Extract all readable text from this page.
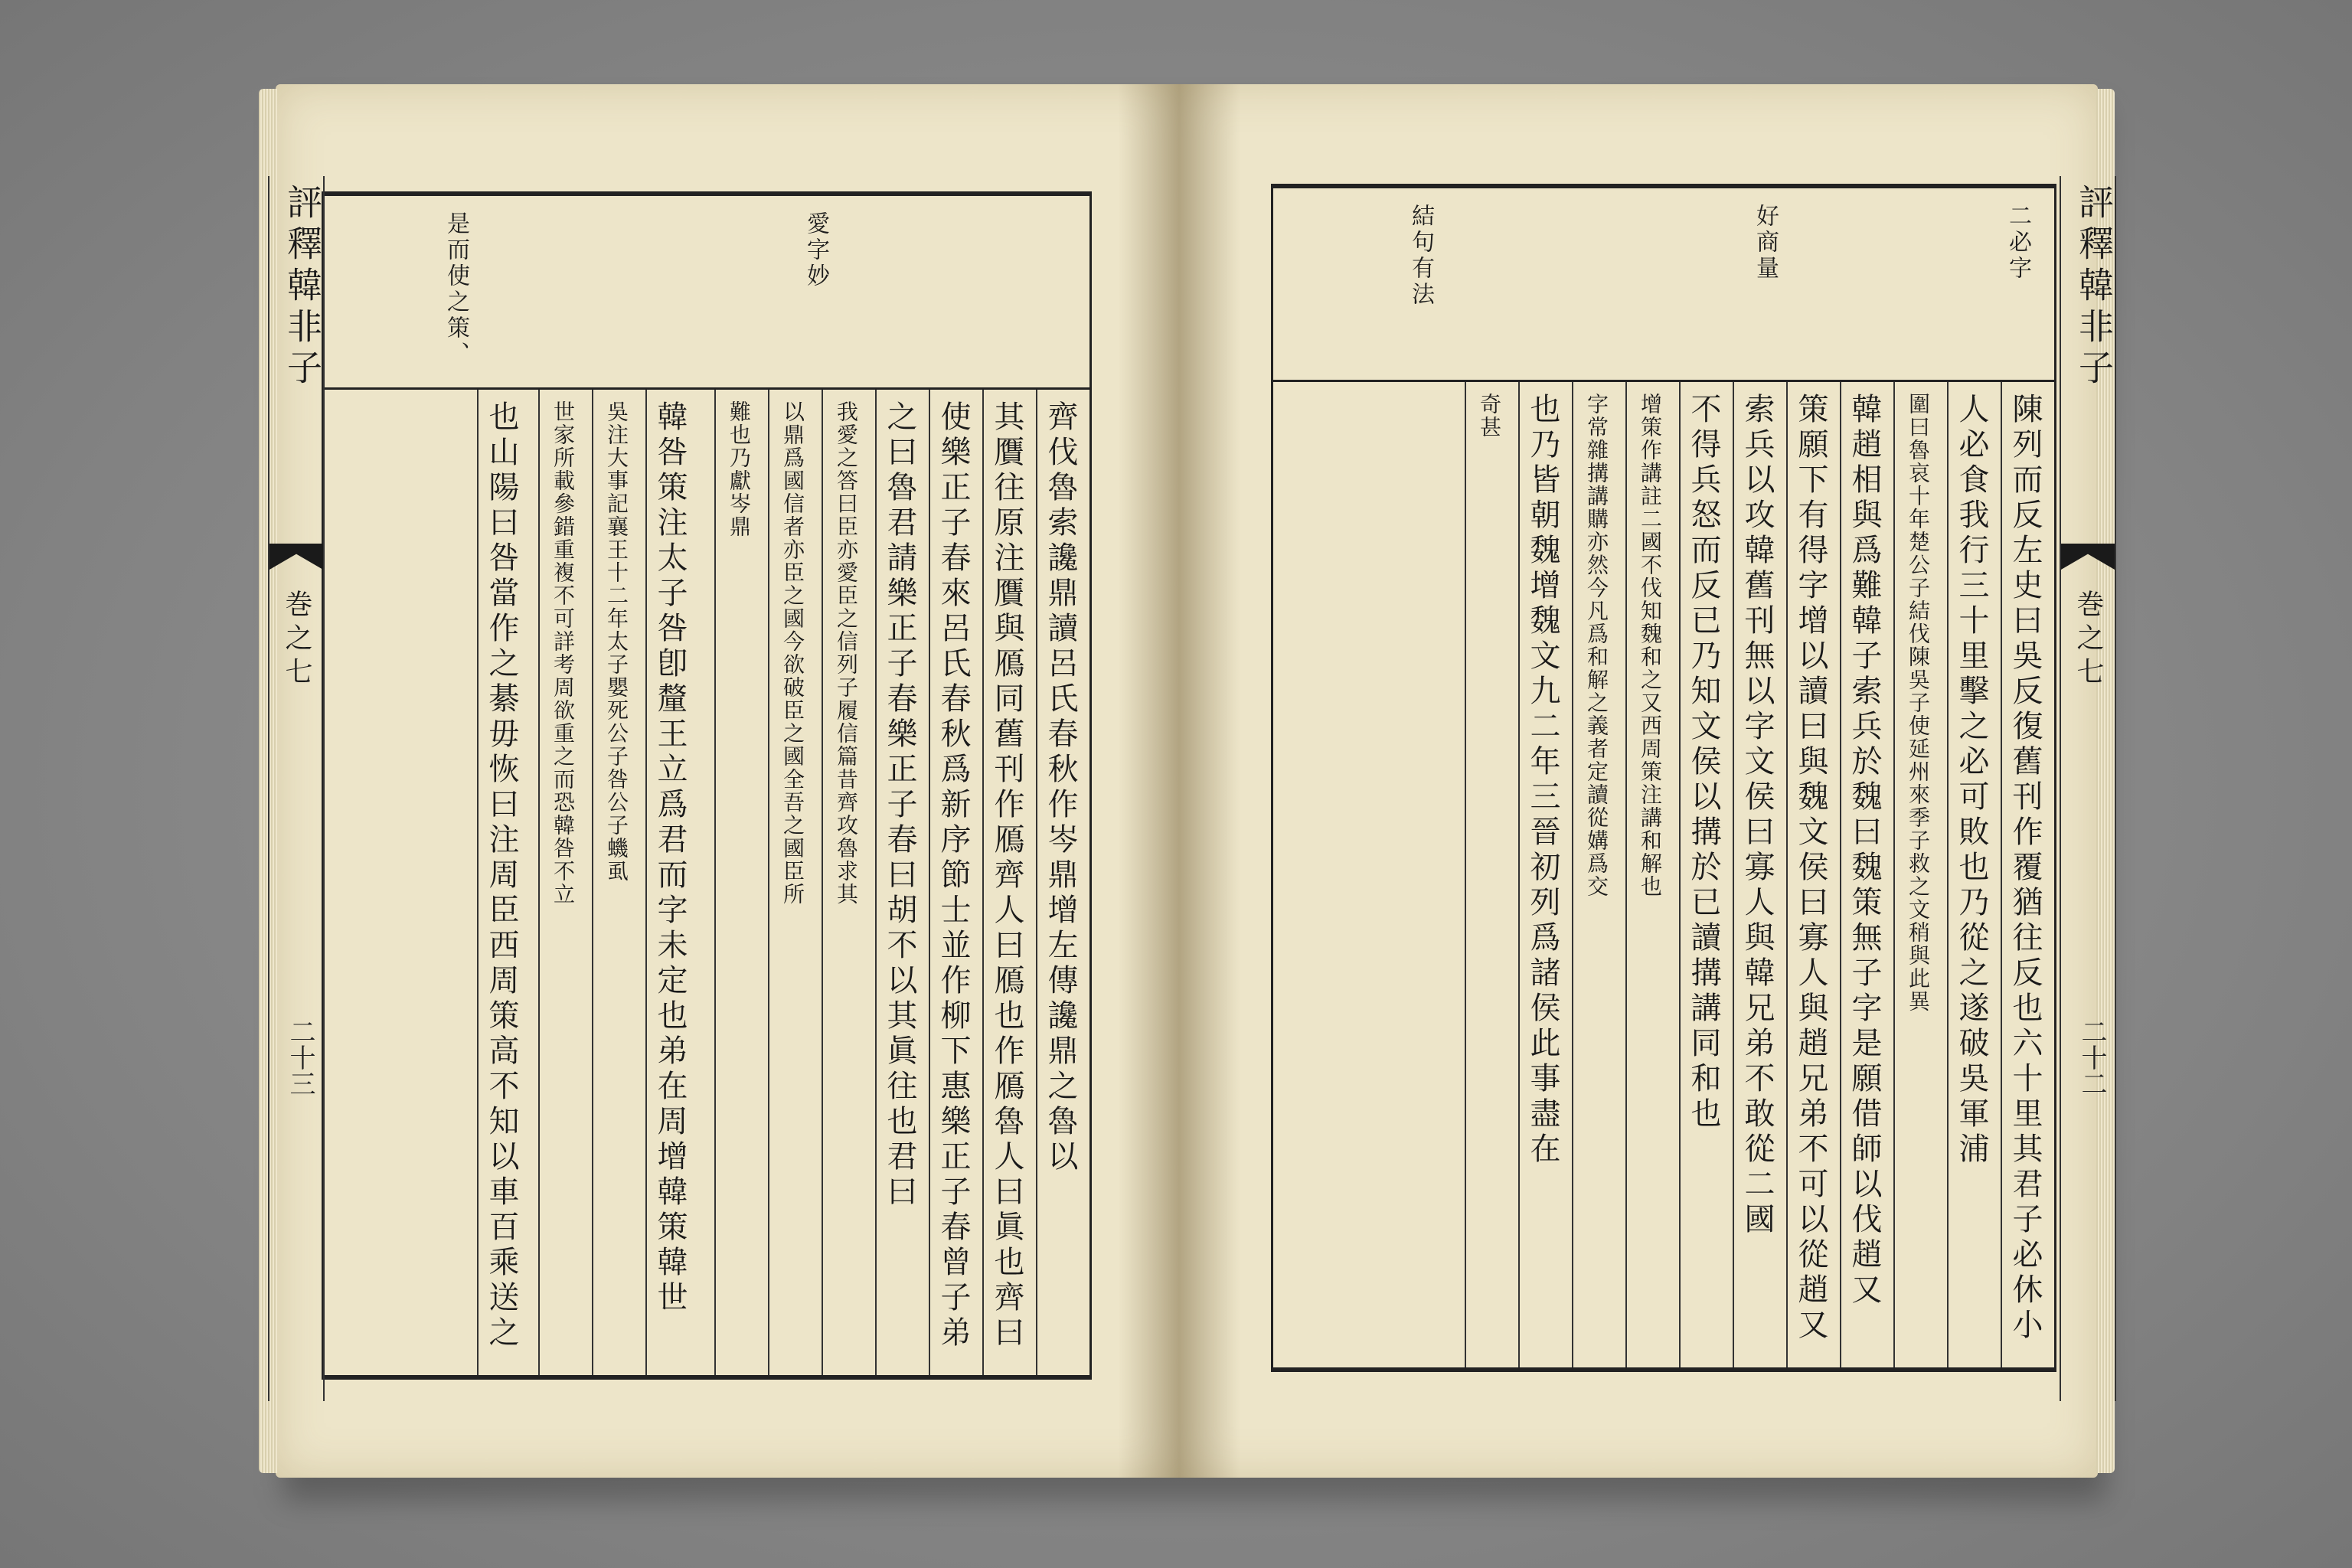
愛字妙
是而使之策、
齊伐魯索讒鼎讀呂氏春秋作岑鼎增左傳讒鼎之魯以
其贋往原注贋與鴈同舊刊作鴈齊人曰鴈也作鴈魯人曰眞也齊曰
使樂正子春來呂氏春秋爲新序節士並作柳下惠樂正子春曾子弟
之曰魯君請樂正子春樂正子春曰胡不以其眞往也君曰
我愛之答曰臣亦愛臣之信列子履信篇昔齊攻魯求其
以鼎爲國信者亦臣之國今欲破臣之國全吾之國臣所
難也乃獻岑鼎
韓咎策注太子咎卽釐王立爲君而字未定也弟在周增韓策韓世
吳注大事記襄王十二年太子嬰死公子咎公子蟣虱
世家所載參錯重複不可詳考周欲重之而恐韓咎不立
也山陽曰咎當作之綦毋恢曰注周臣西周策高不知以車百乘送之
評釋韓非子
巻之七
二十三
二必字
好商量
結句有法
陳列而反左史曰吳反復舊刊作覆猶往反也六十里其君子必休小
人必食我行三十里擊之必可敗也乃從之遂破吳軍浦
圍曰魯哀十年楚公子結伐陳吳子使延州來季子救之文稍與此異
韓趙相與爲難韓子索兵於魏曰魏策無子字是願借師以伐趙又
策願下有得字增以讀曰與魏文侯曰寡人與趙兄弟不可以從趙又
索兵以攻韓舊刊無以字文侯曰寡人與韓兄弟不敢從二國
不得兵怒而反已乃知文侯以搆於已讀搆講同和也
增策作講註二國不伐知魏和之又西周策注講和解也
字常雜搆講購亦然今凡爲和解之義者定讀從媾爲交
也乃皆朝魏增魏文九二年三晉初列爲諸侯此事盡在
奇甚
評釋韓非子
巻之七
二十二
